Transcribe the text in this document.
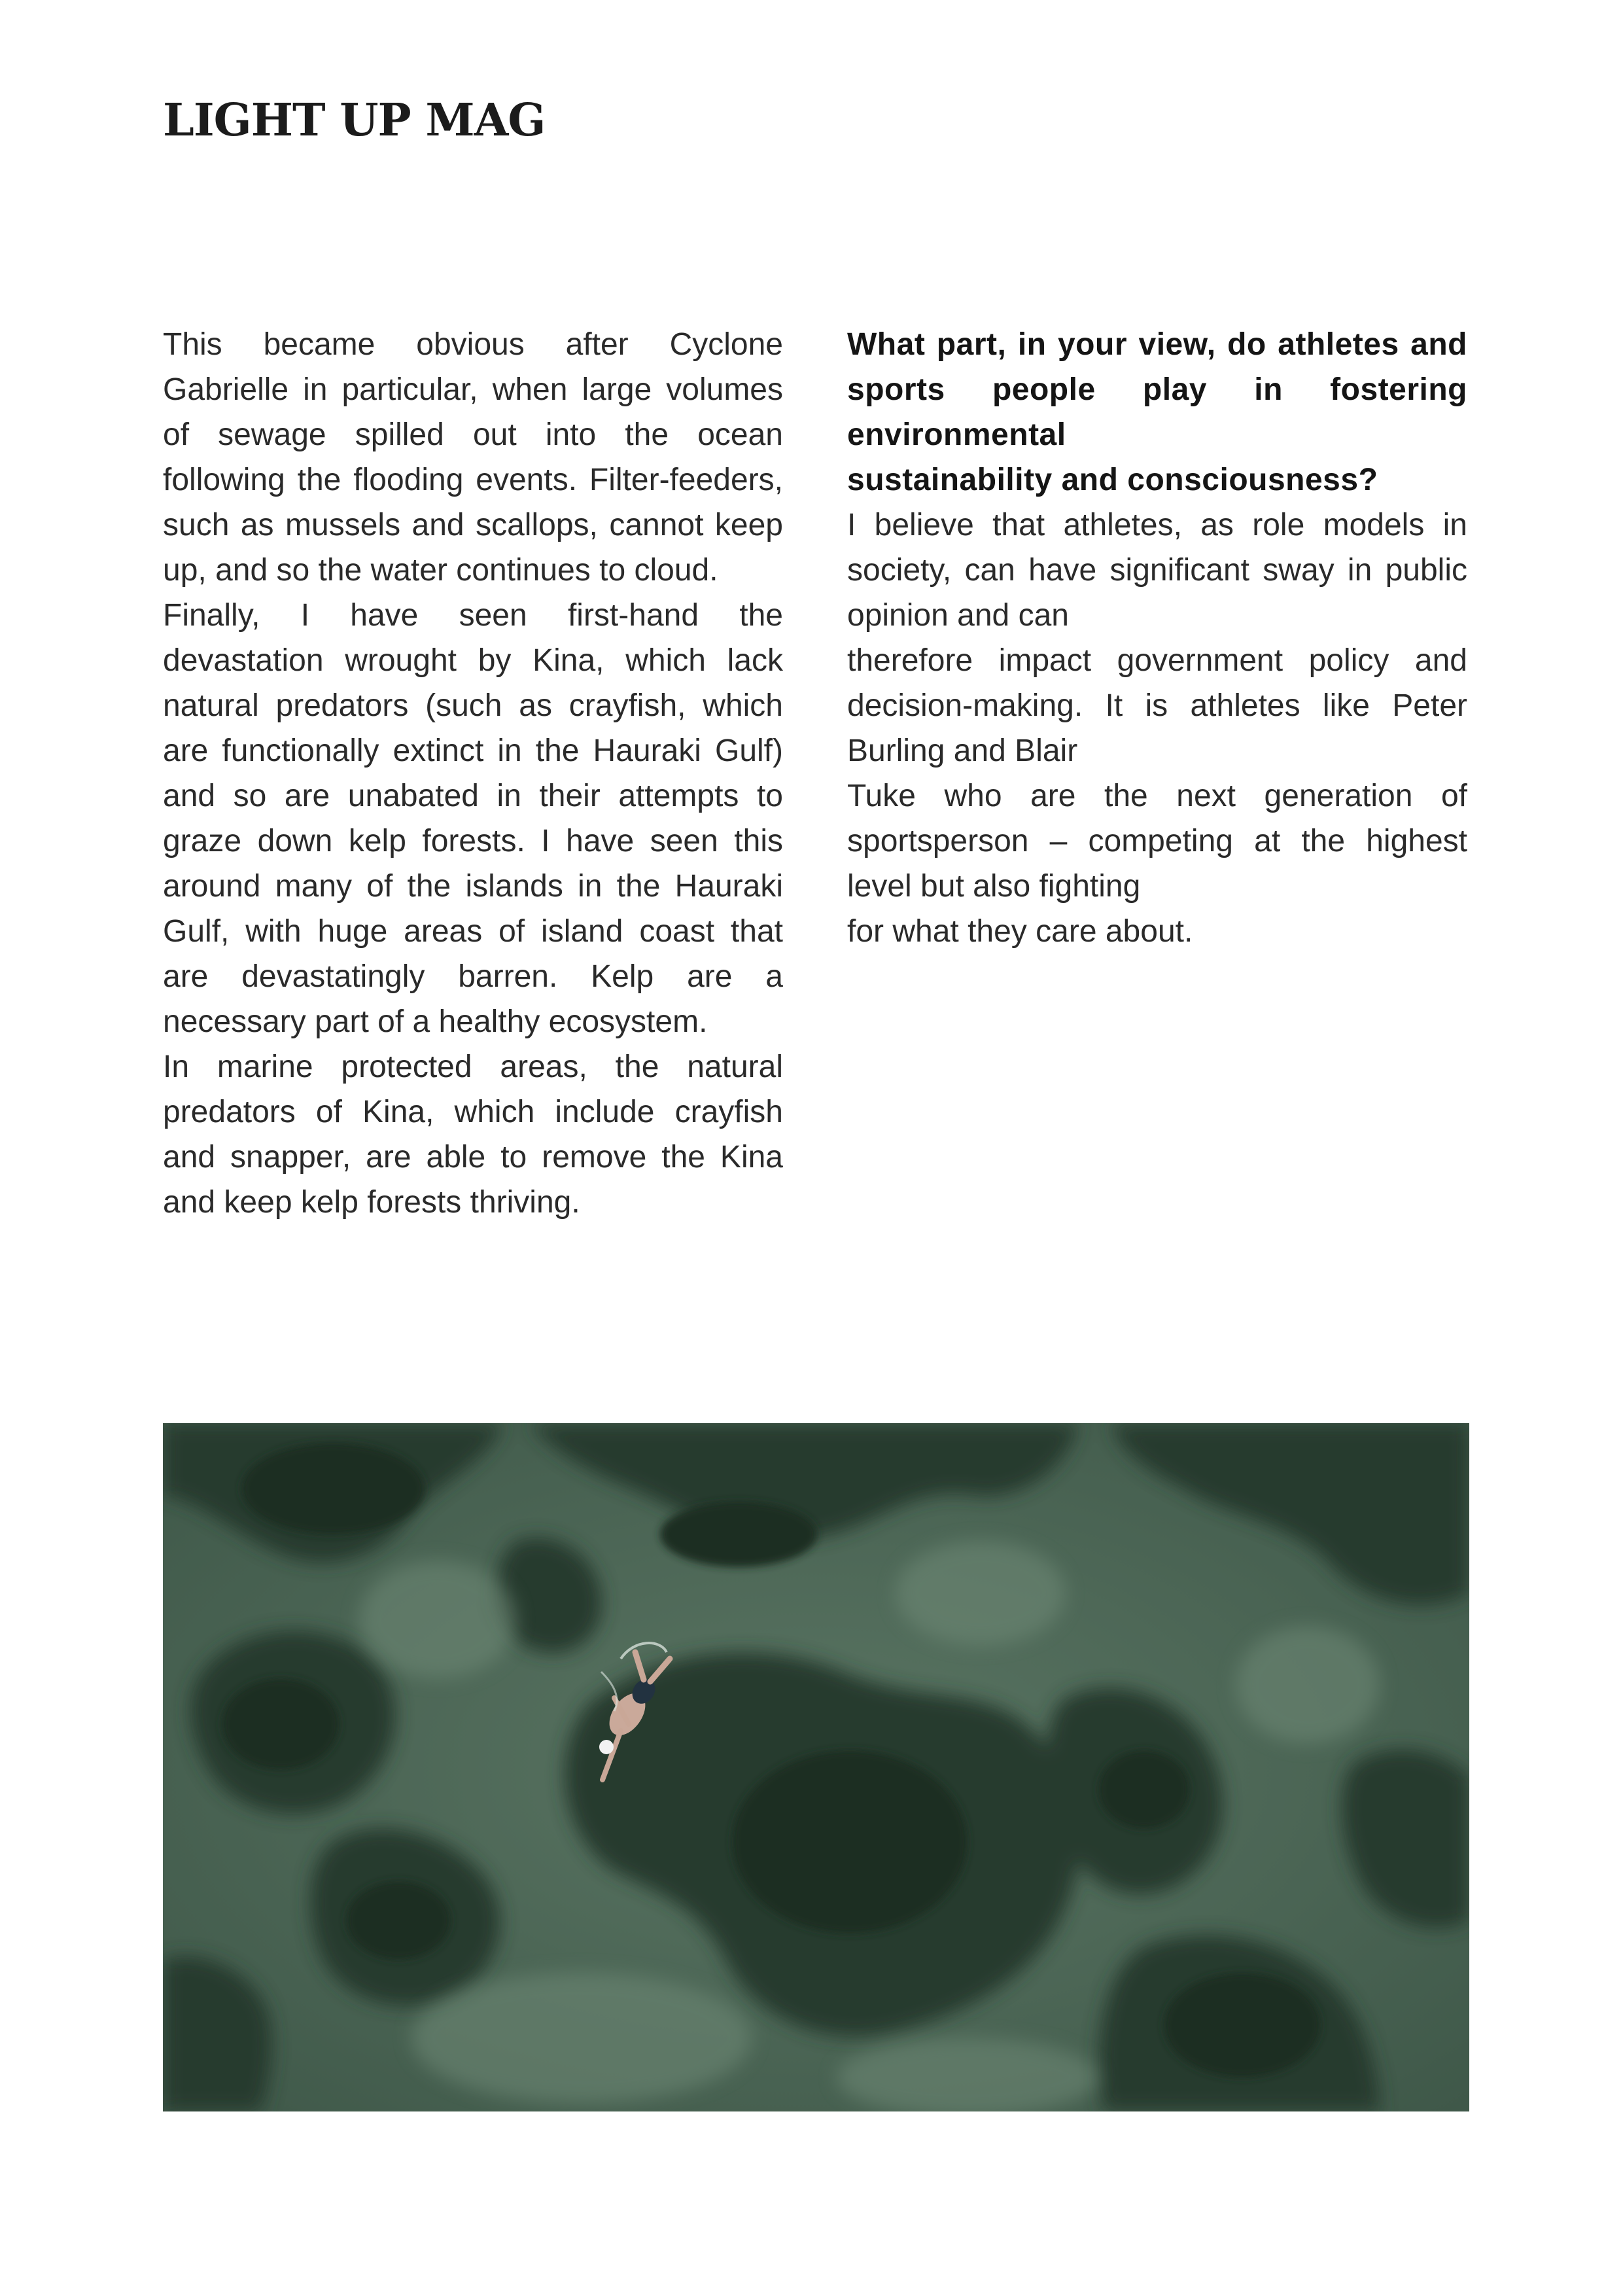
LIGHT UP MAG

This became obvious after Cyclone Gabrielle in particular, when large volumes of sewage spilled out into the ocean following the flooding events. Filter-feeders, such as mussels and scallops, cannot keep up, and so the water continues to cloud.

Finally, I have seen first-hand the devastation wrought by Kina, which lack natural predators (such as crayfish, which are functionally extinct in the Hauraki Gulf) and so are unabated in their attempts to graze down kelp forests. I have seen this around many of the islands in the Hauraki Gulf, with huge areas of island coast that are devastatingly barren. Kelp are a necessary part of a healthy ecosystem.

In marine protected areas, the natural predators of Kina, which include crayfish and snapper, are able to remove the Kina and keep kelp forests thriving.

What part, in your view, do athletes and sports people play in fostering environmental
sustainability and consciousness?

I believe that athletes, as role models in society, can have significant sway in public opinion and can
therefore impact government policy and decision-making. It is athletes like Peter Burling and Blair
Tuke who are the next generation of sportsperson – competing at the highest level but also fighting
for what they care about.
